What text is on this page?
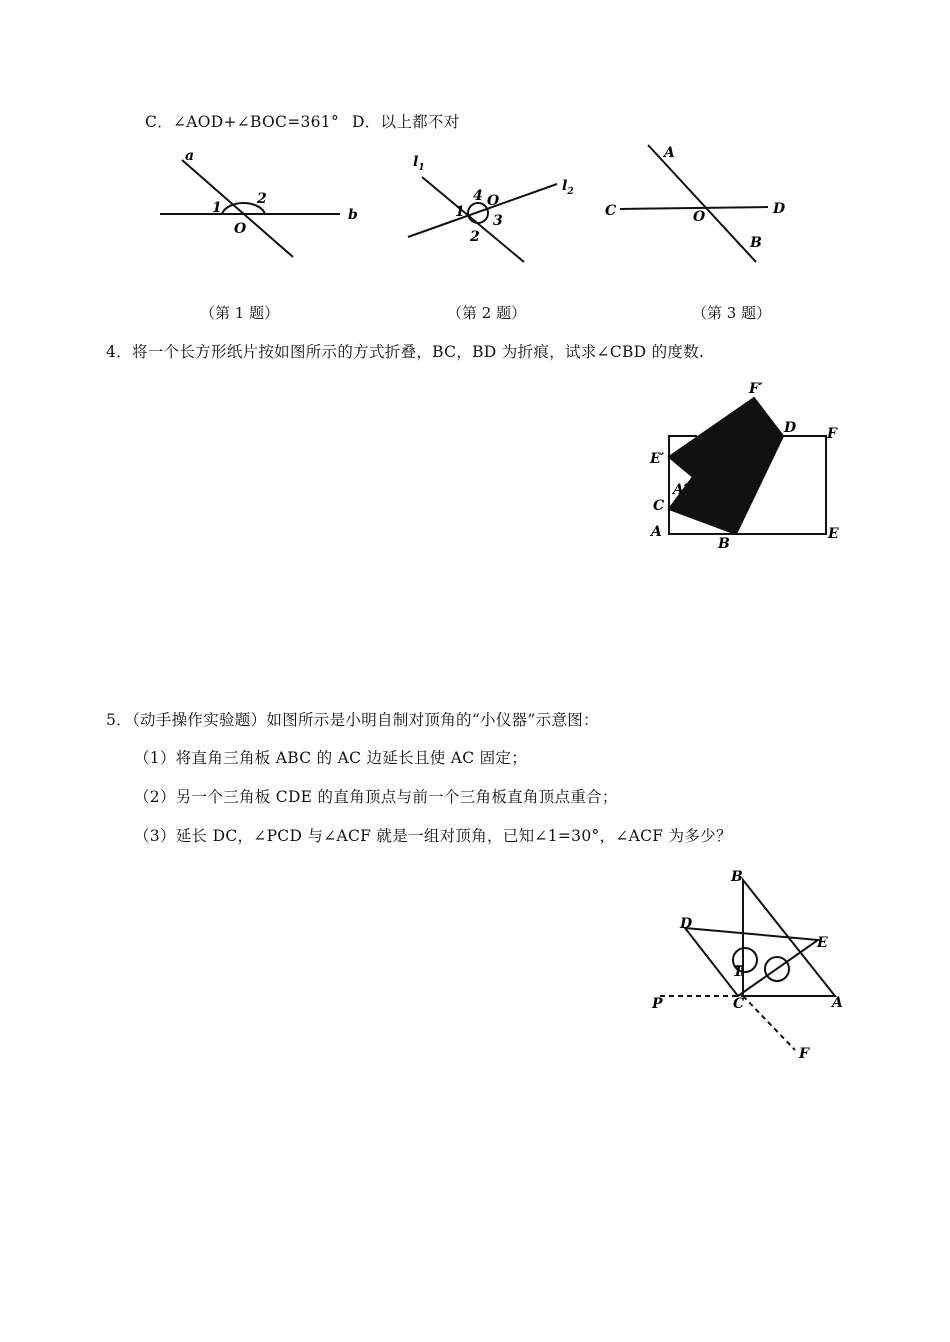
C．∠AOD+∠BOC=361° D．以上都不对
a
b
O
1
2
$l_1$
$l_2$
O
4
1
3
2
A
C	O	D
B
F′
D F
E′
A′
C
A
B
E
B
D
E
P	C	A
F
1
（第 1 题）	（第 2 题）	（第 3 题）
4．将一个长方形纸片按如图所示的方式折叠，BC，BD 为折痕，试求∠CBD 的度数.
5．（动手操作实验题）如图所示是小明自制对顶角的“小仪器”示意图：
（1）将直角三角板 ABC 的 AC 边延长且使 AC 固定；
（2）另一个三角板 CDE 的直角顶点与前一个三角板直角顶点重合；
（3）延长 DC，∠PCD 与∠ACF 就是一组对顶角，已知∠1=30°，∠ACF 为多少？
